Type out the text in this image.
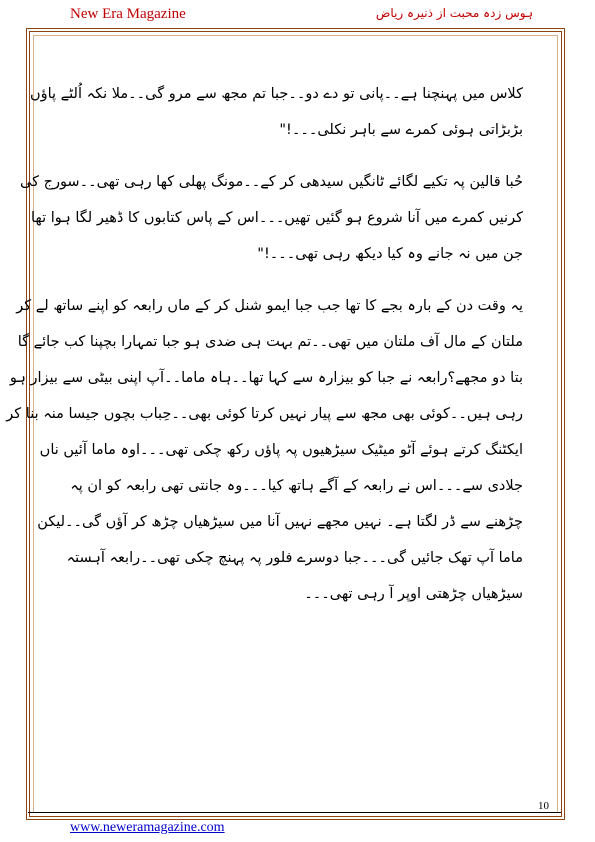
New Era Magazine	ہوس زدہ محبت از ذنیرہ ریاض
کلاس میں پہنچنا ہے۔۔پانی تو دے دو۔۔جبا تم مجھ سے مرو گی۔۔ملا نکہ اُلٹے پاؤں
بڑبڑاتی ہوئی کمرے سے باہر نکلی۔۔۔!"
حُبا قالین پہ تکیے لگائے ٹانگیں سیدھی کر کے۔۔مونگ پھلی کھا رہی تھی۔۔سورج کی
کرنیں کمرے میں آنا شروع ہو گئیں تھیں۔۔۔اس کے پاس کتابوں کا ڈھیر لگا ہوا تھا
جن میں نہ جانے وہ کیا دیکھ رہی تھی۔۔۔!"
یہ وقت دن کے بارہ بجے کا تھا جب جبا ایمو شنل کر کے ماں رابعہ کو اپنے ساتھ لے کر
ملتان کے مال آف ملتان میں تھی۔۔تم بہت ہی ضدی ہو جبا تمہارا بچپنا کب جائے گا
بتا دو مجھے؟رابعہ نے جبا کو بیزارہ سے کہا تھا۔۔ہاہ ماما۔۔آپ اپنی بیٹی سے بیزار ہو
رہی ہیں۔۔کوئی بھی مجھ سے پیار نہیں کرتا کوئی بھی۔۔حِباب بچوں جیسا منہ بنا کر
ایکٹنگ کرتے ہوئے آٹو میٹیک سیڑھیوں پہ پاؤں رکھ چکی تھی۔۔۔اوہ ماما آئیں ناں
جلادی سے۔۔۔اس نے رابعہ کے آگے ہاتھ کیا۔۔۔وہ جانتی تھی رابعہ کو ان پہ
چڑھنے سے ڈر لگتا ہے۔ نہیں مجھے نہیں آنا میں سیڑھیاں چڑھ کر آؤں گی۔۔لیکن
ماما آپ تھک جائیں گی۔۔۔جبا دوسرے فلور پہ پہنچ چکی تھی۔۔رابعہ آہستہ
سیڑھیاں چڑھتی اوپر آ رہی تھی۔۔۔
10
www.neweramagazine.com
